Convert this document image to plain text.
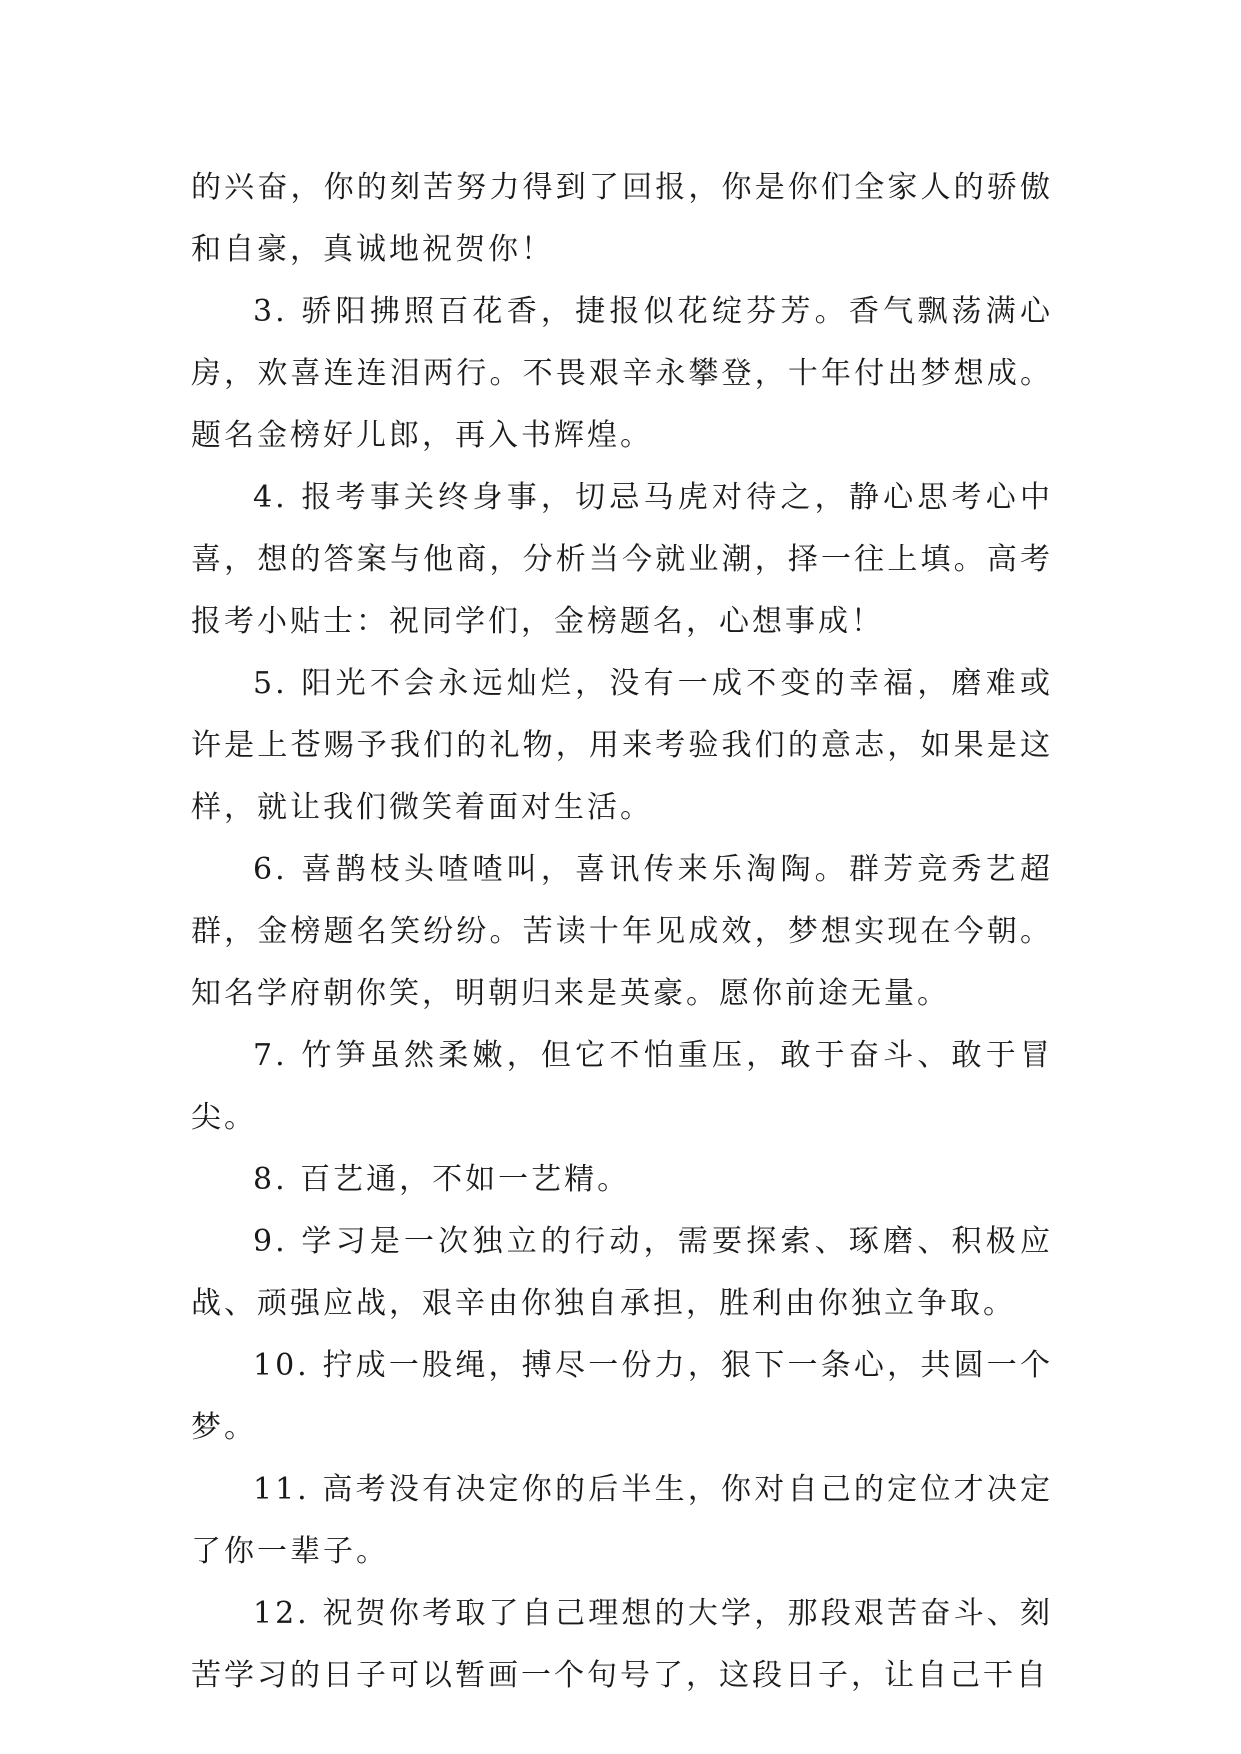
的兴奋，你的刻苦努力得到了回报，你是你们全家人的骄傲和自豪，真诚地祝贺你！

3. 骄阳拂照百花香，捷报似花绽芬芳。香气飘荡满心房，欢喜连连泪两行。不畏艰辛永攀登，十年付出梦想成。题名金榜好儿郎，再入书辉煌。

4. 报考事关终身事，切忌马虎对待之，静心思考心中喜，想的答案与他商，分析当今就业潮，择一往上填。高考报考小贴士：祝同学们，金榜题名，心想事成！

5. 阳光不会永远灿烂，没有一成不变的幸福，磨难或许是上苍赐予我们的礼物，用来考验我们的意志，如果是这样，就让我们微笑着面对生活。

6. 喜鹊枝头喳喳叫，喜讯传来乐淘陶。群芳竞秀艺超群，金榜题名笑纷纷。苦读十年见成效，梦想实现在今朝。知名学府朝你笑，明朝归来是英豪。愿你前途无量。

7. 竹笋虽然柔嫩，但它不怕重压，敢于奋斗、敢于冒尖。

8. 百艺通，不如一艺精。

9. 学习是一次独立的行动，需要探索、琢磨、积极应战、顽强应战，艰辛由你独自承担，胜利由你独立争取。

10. 拧成一股绳，搏尽一份力，狠下一条心，共圆一个梦。

11. 高考没有决定你的后半生，你对自己的定位才决定了你一辈子。

12. 祝贺你考取了自己理想的大学，那段艰苦奋斗、刻苦学习的日子可以暂画一个句号了，这段日子，让自己干自
